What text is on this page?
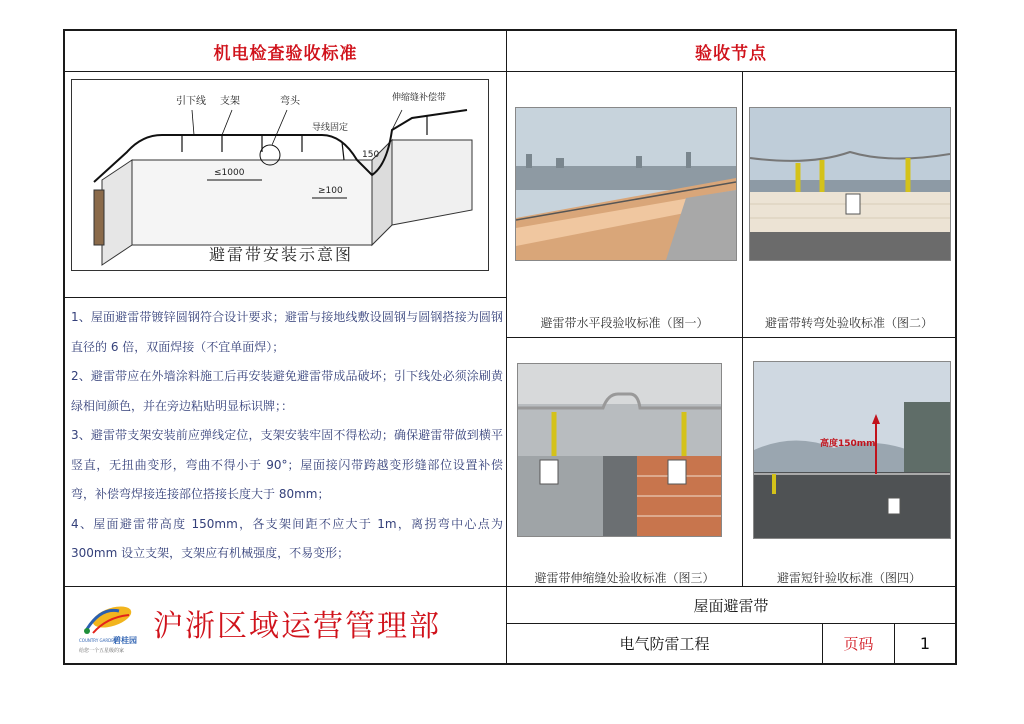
机电检查验收标准	验收节点
引下线 支架	弯头
导线固定
伸缩缝补偿带
≤1000
150
≥100
避雷带安装示意图

1、屋面避雷带镀锌圆钢符合设计要求；避雷与接地线敷设圆钢与圆钢搭接为圆钢直径的 6 倍，双面焊接（不宜单面焊）；

2、避雷带应在外墙涂料施工后再安装避免避雷带成品破坏；引下线处必须涂刷黄绿相间颜色，并在旁边粘贴明显标识牌；：

3、避雷带支架安装前应弹线定位，支架安装牢固不得松动；确保避雷带做到横平竖直，无扭曲变形，弯曲不得小于 90°；屋面接闪带跨越变形缝部位设置补偿弯，补偿弯焊接连接部位搭接长度大于 80mm；

4、屋面避雷带高度 150mm，各支架间距不应大于 1m，离拐弯中心点为 300mm 设立支架，支架应有机械强度，不易变形；

避雷带水平段验收标准（图一）	避雷带转弯处验收标准（图二）
避雷带伸缩缝处验收标准（图三）
高度150mm
避雷短针验收标准（图四）
碧桂园
COUNTRY GARDEN
给您一个五星级的家
沪浙区域运营管理部
屋面避雷带
电气防雷工程	页码	1
